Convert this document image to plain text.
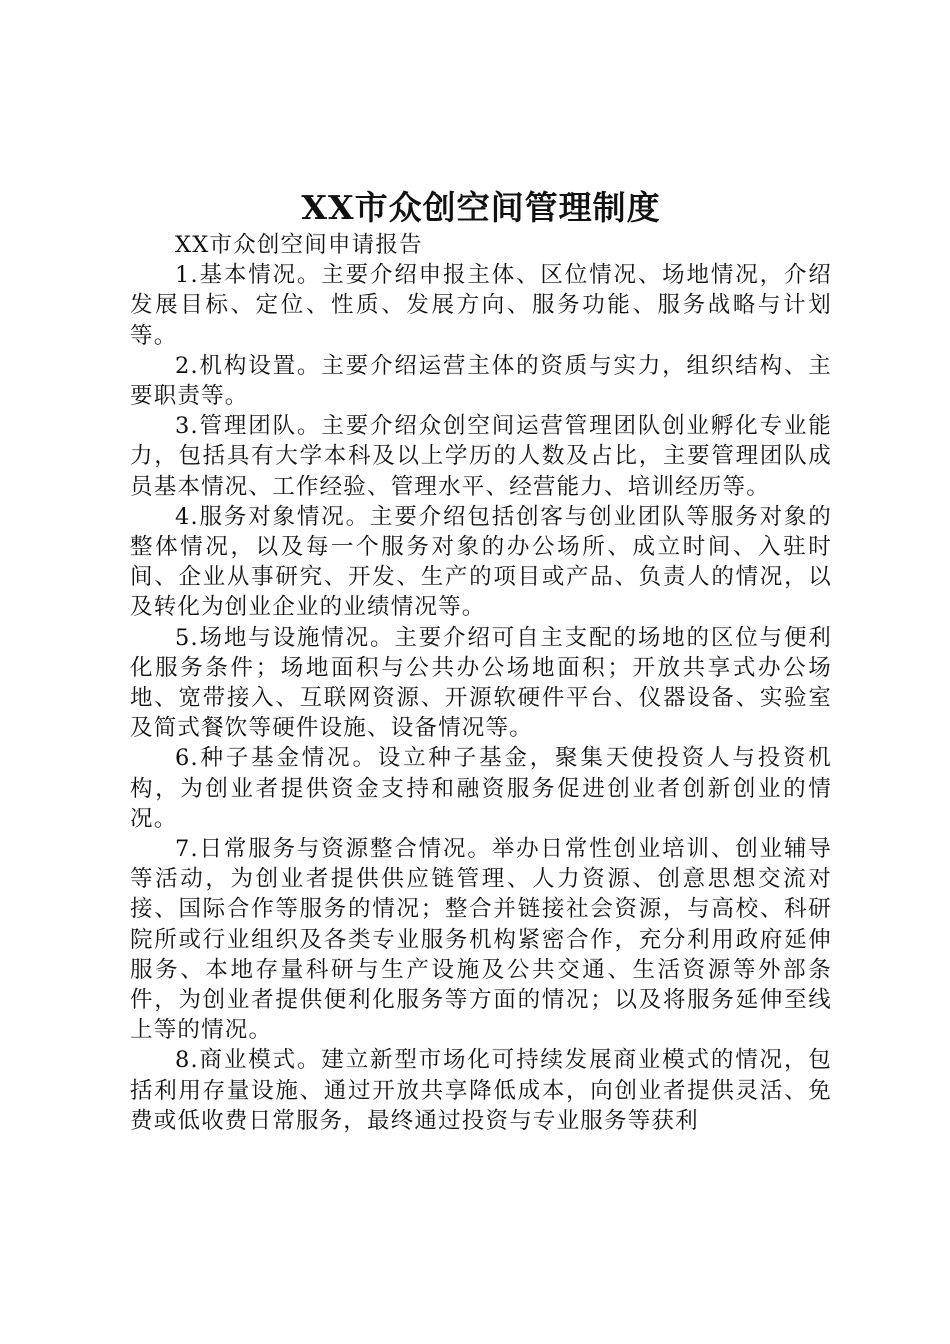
XX市众创空间管理制度

XX市众创空间申请报告

1.基本情况。主要介绍申报主体、区位情况、场地情况，介绍发展目标、定位、性质、发展方向、服务功能、服务战略与计划等。

2.机构设置。主要介绍运营主体的资质与实力，组织结构、主要职责等。

3.管理团队。主要介绍众创空间运营管理团队创业孵化专业能力，包括具有大学本科及以上学历的人数及占比，主要管理团队成员基本情况、工作经验、管理水平、经营能力、培训经历等。

4.服务对象情况。主要介绍包括创客与创业团队等服务对象的整体情况，以及每一个服务对象的办公场所、成立时间、入驻时间、企业从事研究、开发、生产的项目或产品、负责人的情况，以及转化为创业企业的业绩情况等。

5.场地与设施情况。主要介绍可自主支配的场地的区位与便利化服务条件；场地面积与公共办公场地面积；开放共享式办公场地、宽带接入、互联网资源、开源软硬件平台、仪器设备、实验室及简式餐饮等硬件设施、设备情况等。

6.种子基金情况。设立种子基金，聚集天使投资人与投资机构，为创业者提供资金支持和融资服务促进创业者创新创业的情况。

7.日常服务与资源整合情况。举办日常性创业培训、创业辅导等活动，为创业者提供供应链管理、人力资源、创意思想交流对接、国际合作等服务的情况；整合并链接社会资源，与高校、科研院所或行业组织及各类专业服务机构紧密合作，充分利用政府延伸服务、本地存量科研与生产设施及公共交通、生活资源等外部条件，为创业者提供便利化服务等方面的情况；以及将服务延伸至线上等的情况。

8.商业模式。建立新型市场化可持续发展商业模式的情况，包括利用存量设施、通过开放共享降低成本，向创业者提供灵活、免费或低收费日常服务，最终通过投资与专业服务等获利
